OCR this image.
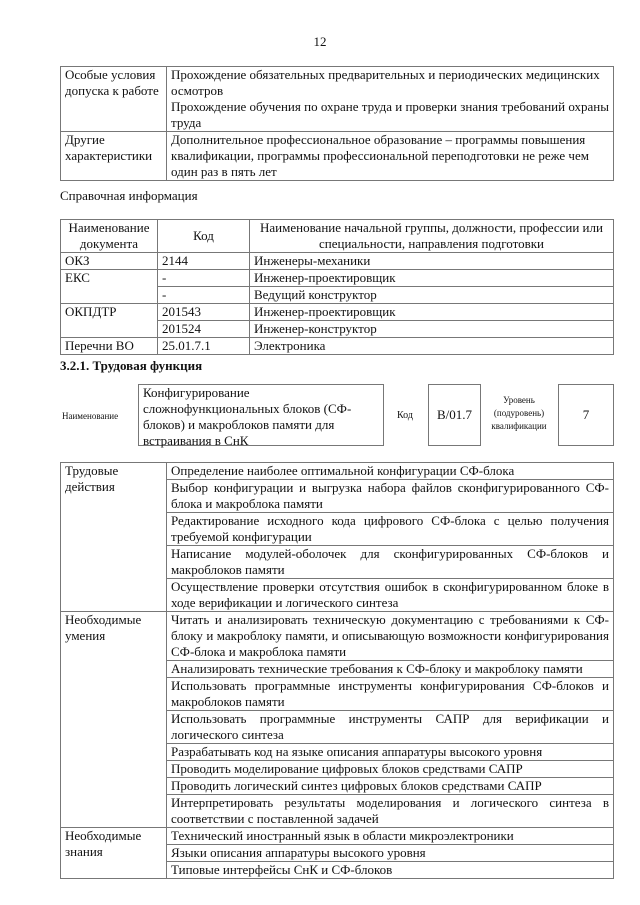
12
Особые условия допуска к работе	Прохождение обязательных предварительных и периодических медицинских осмотров
Прохождение обучения по охране труда и проверки знания требований охраны труда

Другие характеристики	Дополнительное профессиональное образование – программы повышения квалификации, программы профессиональной переподготовки не реже чем один раз в пять лет
Справочная информация
Наименование документа	Код	Наименование начальной группы, должности, профессии или специальности, направления подготовки
ОКЗ	2144	Инженеры-механики
ЕКС	-	Инженер-проектировщик
	-	Ведущий конструктор
ОКПДТР	201543	Инженер-проектировщик
	201524	Инженер-конструктор
Перечни ВО	25.01.7.1	Электроника
3.2.1. Трудовая функция
Наименование
Конфигурирование сложнофункциональных блоков (СФ-блоков) и макроблоков памяти для встраивания в СнК
Код	B/01.7
Уровень (подуровень) квалификации
7
Трудовые действия	Определение наиболее оптимальной конфигурации СФ-блока
	Выбор конфигурации и выгрузка набора файлов сконфигурированного СФ-блока и макроблока памяти
	Редактирование исходного кода цифрового СФ-блока с целью получения требуемой конфигурации
	Написание модулей-оболочек для сконфигурированных СФ-блоков и макроблоков памяти
	Осуществление проверки отсутствия ошибок в сконфигурированном блоке в ходе верификации и логического синтеза
Необходимые умения	Читать и анализировать техническую документацию с требованиями к СФ-блоку и макроблоку памяти, и описывающую возможности конфигурирования СФ-блока и макроблока памяти
	Анализировать технические требования к СФ-блоку и макроблоку памяти
	Использовать программные инструменты конфигурирования СФ-блоков и макроблоков памяти
	Использовать программные инструменты САПР для верификации и логического синтеза
	Разрабатывать код на языке описания аппаратуры высокого уровня
	Проводить моделирование цифровых блоков средствами САПР
	Проводить логический синтез цифровых блоков средствами САПР
	Интерпретировать результаты моделирования и логического синтеза в соответствии с поставленной задачей
Необходимые знания	Технический иностранный язык в области микроэлектроники
	Языки описания аппаратуры высокого уровня
	Типовые интерфейсы СнК и СФ-блоков
